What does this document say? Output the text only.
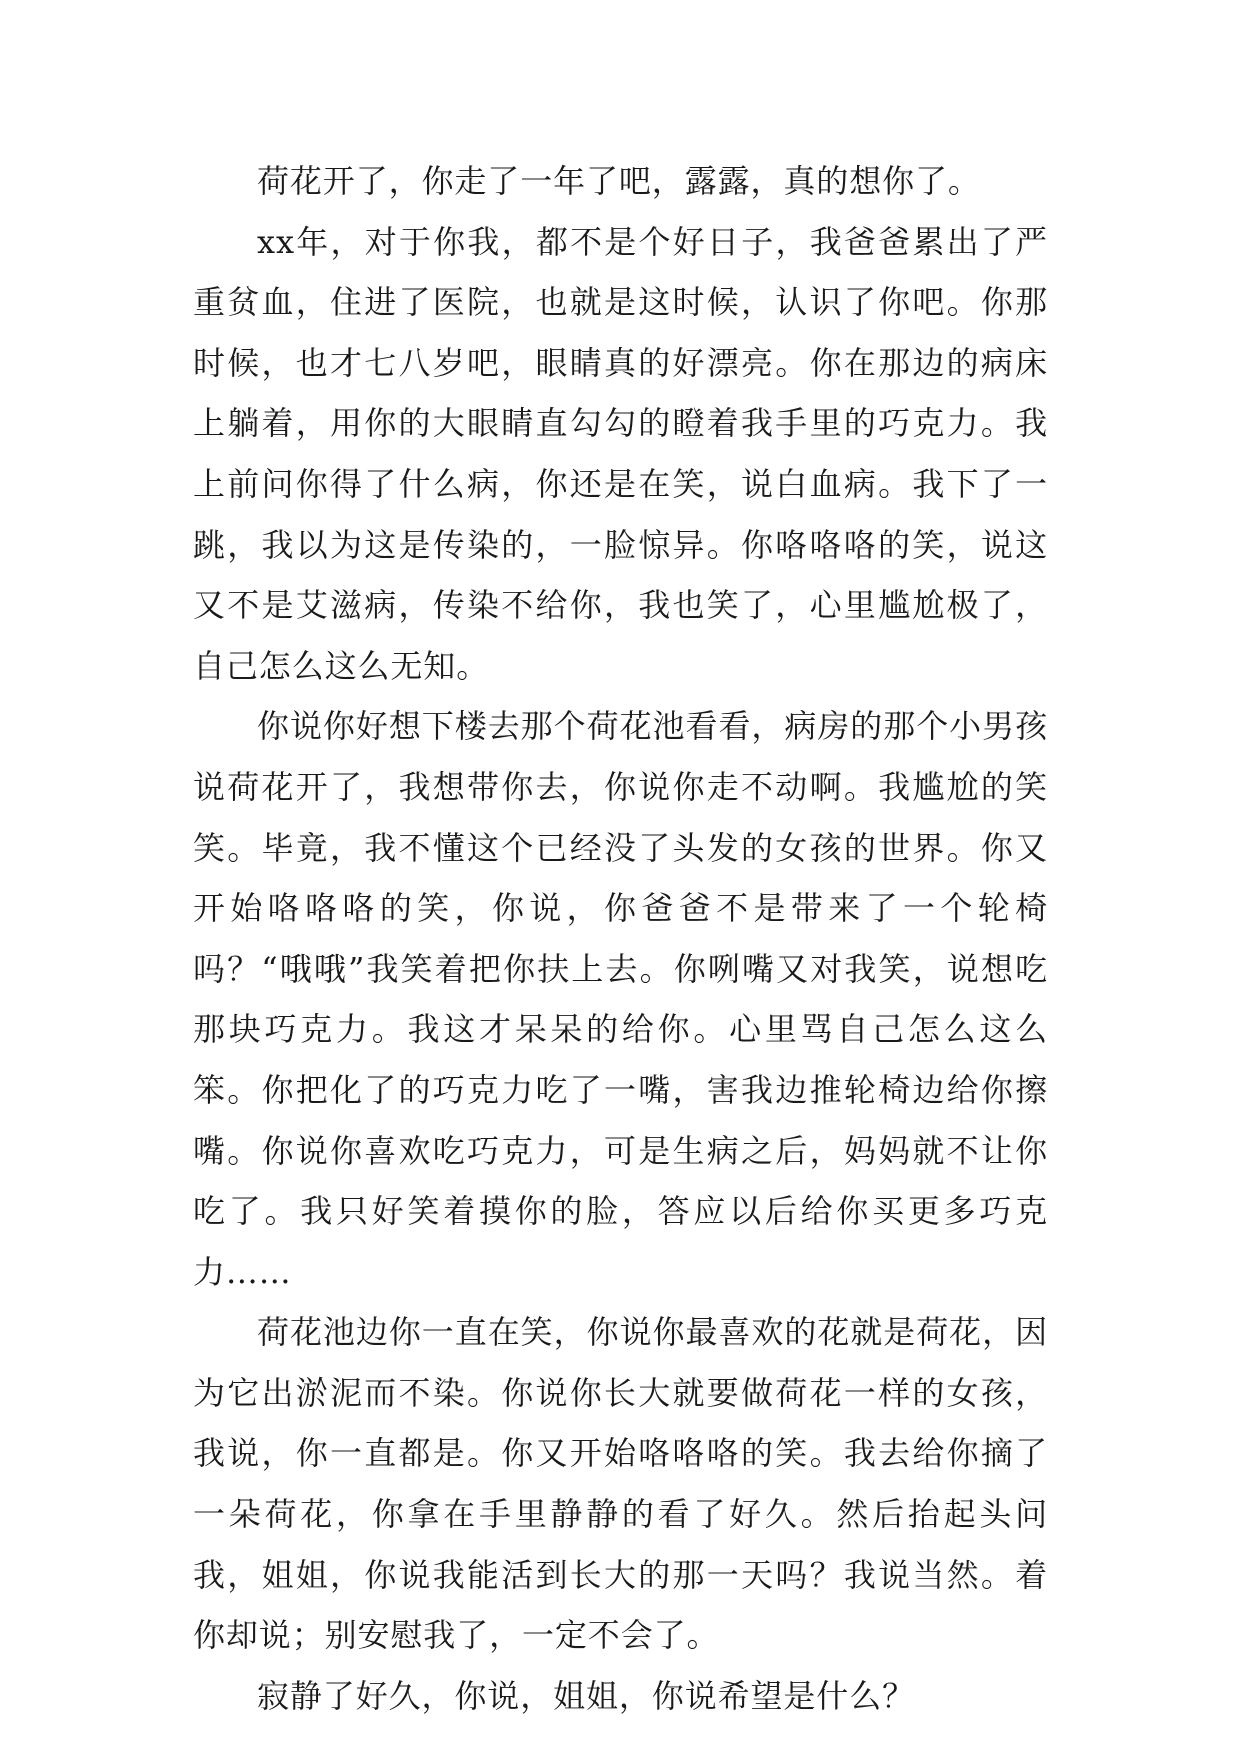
荷花开了，你走了一年了吧，露露，真的想你了。

xx年，对于你我，都不是个好日子，我爸爸累出了严重贫血，住进了医院，也就是这时候，认识了你吧。你那时候，也才七八岁吧，眼睛真的好漂亮。你在那边的病床上躺着，用你的大眼睛直勾勾的瞪着我手里的巧克力。我上前问你得了什么病，你还是在笑，说白血病。我下了一跳，我以为这是传染的，一脸惊异。你咯咯咯的笑，说这又不是艾滋病，传染不给你，我也笑了，心里尴尬极了，自己怎么这么无知。

你说你好想下楼去那个荷花池看看，病房的那个小男孩说荷花开了，我想带你去，你说你走不动啊。我尴尬的笑笑。毕竟，我不懂这个已经没了头发的女孩的世界。你又开始咯咯咯的笑，你说，你爸爸不是带来了一个轮椅吗？“哦哦”我笑着把你扶上去。你咧嘴又对我笑，说想吃那块巧克力。我这才呆呆的给你。心里骂自己怎么这么笨。你把化了的巧克力吃了一嘴，害我边推轮椅边给你擦嘴。你说你喜欢吃巧克力，可是生病之后，妈妈就不让你吃了。我只好笑着摸你的脸，答应以后给你买更多巧克力……

荷花池边你一直在笑，你说你最喜欢的花就是荷花，因为它出淤泥而不染。你说你长大就要做荷花一样的女孩，我说，你一直都是。你又开始咯咯咯的笑。我去给你摘了一朵荷花，你拿在手里静静的看了好久。然后抬起头问我，姐姐，你说我能活到长大的那一天吗？我说当然。着你却说；别安慰我了，一定不会了。

寂静了好久，你说，姐姐，你说希望是什么？
